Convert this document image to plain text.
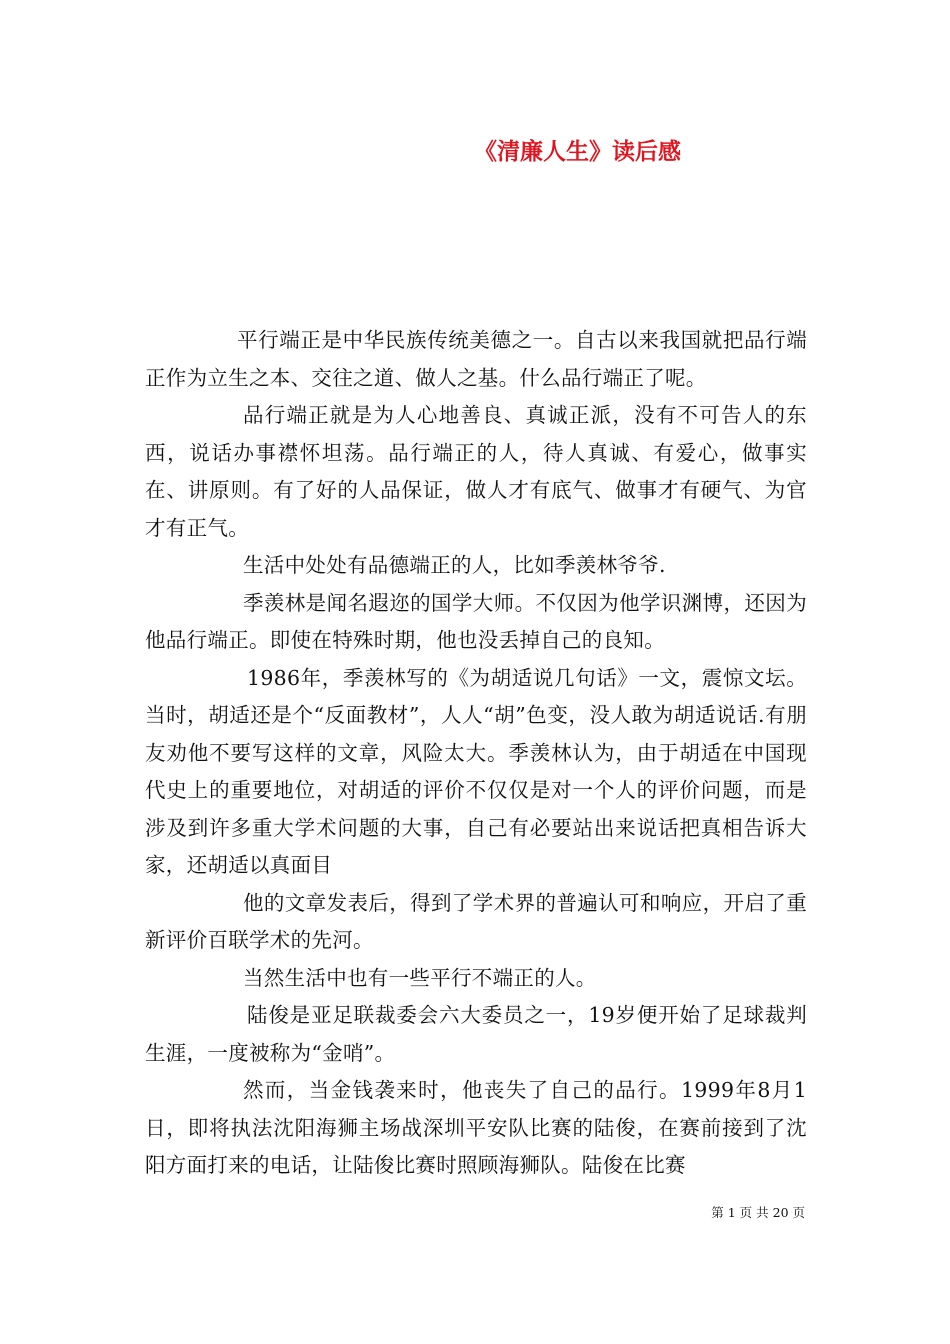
《清廉人生》读后感

平行端正是中华民族传统美德之一。自古以来我国就把品行端正作为立生之本、交往之道、做人之基。什么品行端正了呢。

品行端正就是为人心地善良、真诚正派，没有不可告人的东西，说话办事襟怀坦荡。品行端正的人，待人真诚、有爱心，做事实在、讲原则。有了好的人品保证，做人才有底气、做事才有硬气、为官才有正气。

生活中处处有品德端正的人，比如季羡林爷爷.

季羡林是闻名遐迩的国学大师。不仅因为他学识渊博，还因为他品行端正。即使在特殊时期，他也没丢掉自己的良知。

1986年，季羡林写的《为胡适说几句话》一文，震惊文坛。当时，胡适还是个“反面教材”，人人“胡”色变，没人敢为胡适说话.有朋友劝他不要写这样的文章，风险太大。季羡林认为，由于胡适在中国现代史上的重要地位，对胡适的评价不仅仅是对一个人的评价问题，而是涉及到许多重大学术问题的大事，自己有必要站出来说话把真相告诉大家，还胡适以真面目

他的文章发表后，得到了学术界的普遍认可和响应，开启了重新评价百联学术的先河。

当然生活中也有一些平行不端正的人。

陆俊是亚足联裁委会六大委员之一，19岁便开始了足球裁判生涯，一度被称为“金哨”。

然而，当金钱袭来时，他丧失了自己的品行。1999年8月1日，即将执法沈阳海狮主场战深圳平安队比赛的陆俊，在赛前接到了沈阳方面打来的电话，让陆俊比赛时照顾海狮队。陆俊在比赛

第 1 页 共 20 页
